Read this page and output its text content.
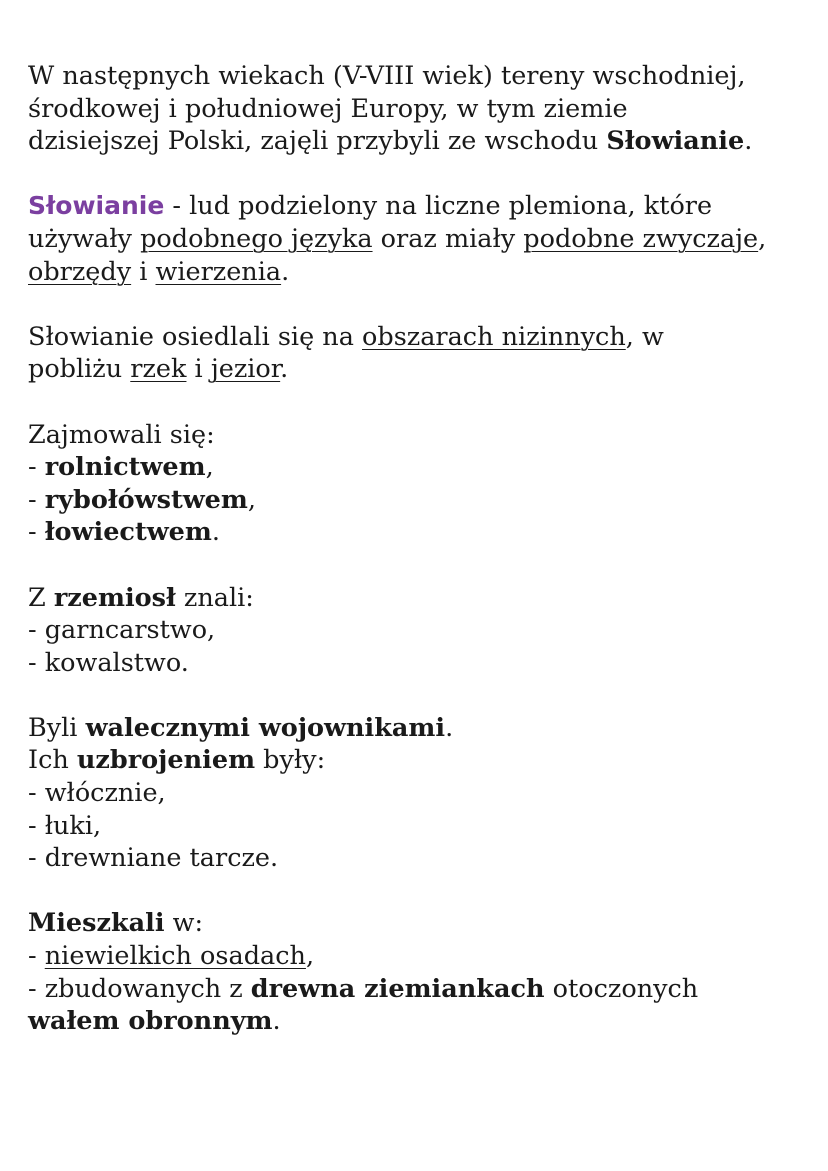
W następnych wiekach (V-VIII wiek) tereny wschodniej,
środkowej i południowej Europy, w tym ziemie
dzisiejszej Polski, zajęli przybyli ze wschodu Słowianie.

Słowianie - lud podzielony na liczne plemiona, które
używały podobnego języka oraz miały podobne zwyczaje,
obrzędy i wierzenia.

Słowianie osiedlali się na obszarach nizinnych, w
pobliżu rzek i jezior.

Zajmowali się:
- rolnictwem,
- rybołówstwem,
- łowiectwem.

Z rzemiosł znali:
- garncarstwo,
- kowalstwo.

Byli walecznymi wojownikami.
Ich uzbrojeniem były:
- włócznie,
- łuki,
- drewniane tarcze.

Mieszkali w:
- niewielkich osadach,
- zbudowanych z drewna ziemiankach otoczonych
wałem obronnym.
